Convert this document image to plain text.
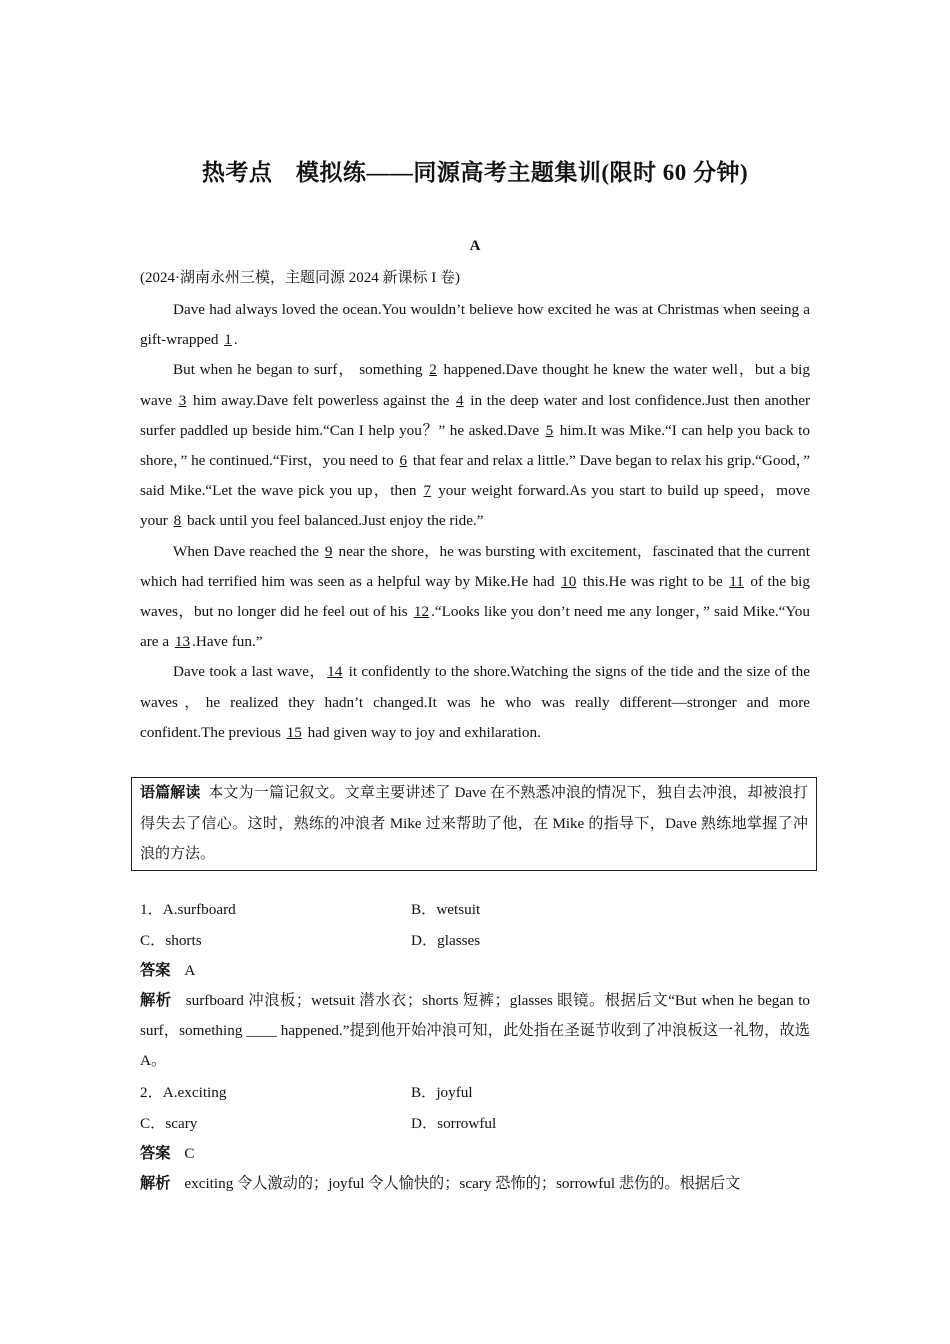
热考点　模拟练——同源高考主题集训(限时 60 分钟)
A
(2024·湖南永州三模，主题同源 2024 新课标 I 卷)

Dave had always loved the ocean.You wouldn’t believe how excited he was at Christmas when seeing a gift-wrapped 1 .

But when he began to surf， something 2 happened.Dave thought he knew the water well，but a big wave 3 him away.Dave felt powerless against the 4 in the deep water and lost confidence.Just then another surfer paddled up beside him.“Can I help you？” he asked.Dave 5 him.It was Mike.“I can help you back to shore，” he continued.“First，you need to 6 that fear and relax a little.” Dave began to relax his grip.“Good，” said Mike.“Let the wave pick you up，then 7 your weight forward.As you start to build up speed，move your 8 back until you feel balanced.Just enjoy the ride.”

When Dave reached the 9 near the shore，he was bursting with excitement，fascinated that the current which had terrified him was seen as a helpful way by Mike.He had 10 this.He was right to be 11 of the big waves，but no longer did he feel out of his 12 .“Looks like you don’t need me any longer，” said Mike.“You are a 13 .Have fun.”

Dave took a last wave， 14 it confidently to the shore.Watching the signs of the tide and the size of the waves，he realized they hadn’t changed.It was he who was really different—stronger and more confident.The previous 15 had given way to joy and exhilaration.

语篇解读 本文为一篇记叙文。文章主要讲述了 Dave 在不熟悉冲浪的情况下，独自去冲浪，却被浪打得失去了信心。这时，熟练的冲浪者 Mike 过来帮助了他，在 Mike 的指导下，Dave 熟练地掌握了冲浪的方法。
1．A.surfboard	B．wetsuit
C．shorts	D．glasses
答案 A
解析 surfboard 冲浪板；wetsuit 潜水衣；shorts 短裤；glasses 眼镜。根据后文“But when he began to surf，something ____ happened.”提到他开始冲浪可知，此处指在圣诞节收到了冲浪板这一礼物，故选 A。
2．A.exciting	B．joyful
C．scary	D．sorrowful
答案 C
解析 exciting 令人激动的；joyful 令人愉快的；scary 恐怖的；sorrowful 悲伤的。根据后文
